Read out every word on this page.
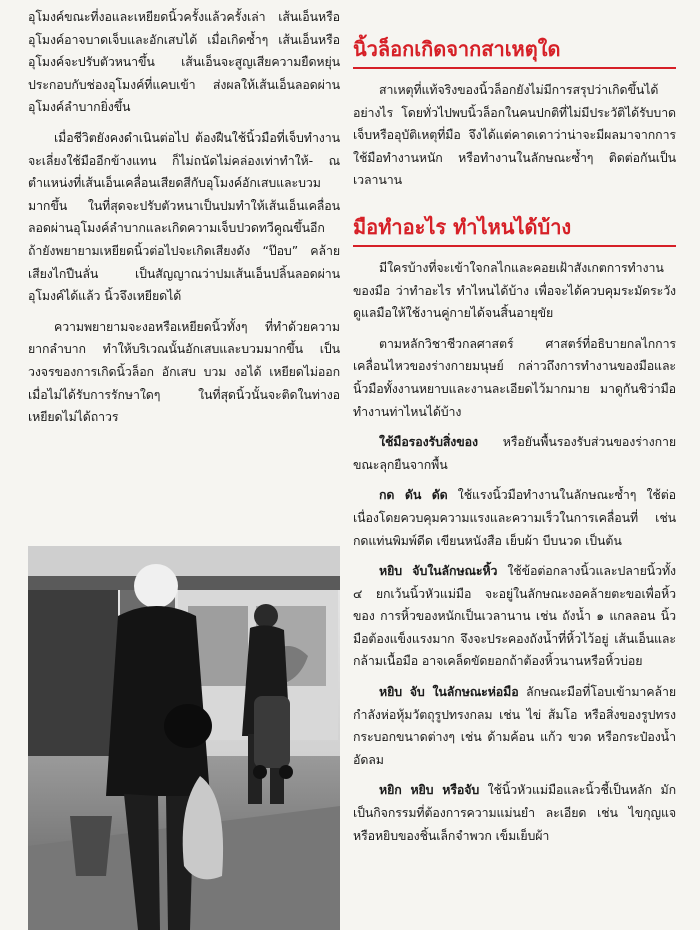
อุโมงค์ขณะที่งอและเหยียดนิ้วครั้งแล้วครั้งเล่า เส้นเอ็นหรืออุโมงค์อาจบาดเจ็บและอักเสบได้ เมื่อเกิดซ้ำๆ เส้นเอ็นหรืออุโมงค์จะปรับตัวหนาขึ้น เส้นเอ็นจะสูญเสียความยืดหยุ่น ประกอบกับช่องอุโมงค์ที่แคบเข้า ส่งผลให้เส้นเอ็นลอดผ่านอุโมงค์ลำบากยิ่งขึ้น

เมื่อชีวิตยังคงดำเนินต่อไป ต้องฝืนใช้นิ้วมือที่เจ็บทำงาน จะเลี่ยงใช้มืออีกข้างแทน ก็ไม่ถนัดไม่คล่องเท่าทำให้- ณ ตำแหน่งที่เส้นเอ็นเคลื่อนเสียดสีกับอุโมงค์อักเสบและบวมมากขึ้น ในที่สุดจะปรับตัวหนาเป็นปมทำให้เส้นเอ็นเคลื่อนลอดผ่านอุโมงค์ลำบากและเกิดความเจ็บปวดทวีคูณขึ้นอีก ถ้ายังพยายามเหยียดนิ้วต่อไปจะเกิดเสียงดัง “ป๊อบ” คล้ายเสียงไกปืนลั่น เป็นสัญญาณว่าปมเส้นเอ็นปลิ้นลอดผ่านอุโมงค์ได้แล้ว นิ้วจึงเหยียดได้

ความพยายามจะงอหรือเหยียดนิ้วทั้งๆ ที่ทำด้วยความยากลำบาก ทำให้บริเวณนั้นอักเสบและบวมมากขึ้น เป็นวงจรของการเกิดนิ้วล็อก อักเสบ บวม งอได้ เหยียดไม่ออกเมื่อไม่ได้รับการรักษาใดๆ ในที่สุดนิ้วนั้นจะติดในท่างอเหยียดไม่ได้ถาวร

นิ้วล็อกเกิดจากสาเหตุใด

สาเหตุที่แท้จริงของนิ้วล็อกยังไม่มีการสรุปว่าเกิดขึ้นได้อย่างไร โดยทั่วไปพบนิ้วล็อกในคนปกติที่ไม่มีประวัติได้รับบาดเจ็บหรืออุบัติเหตุที่มือ จึงได้แต่คาดเดาว่าน่าจะมีผลมาจากการใช้มือทำงานหนัก หรือทำงานในลักษณะซ้ำๆ ติดต่อกันเป็นเวลานาน

มือทำอะไร ทำไหนได้บ้าง

มีใครบ้างที่จะเข้าใจกลไกและคอยเฝ้าสังเกตการทำงานของมือ ว่าทำอะไร ทำไหนได้บ้าง เพื่อจะได้ควบคุมระมัดระวังดูแลมือให้ใช้งานคู่กายได้จนสิ้นอายุขัย

ตามหลักวิชาชีวกลศาสตร์ ศาสตร์ที่อธิบายกลไกการเคลื่อนไหวของร่างกายมนุษย์ กล่าวถึงการทำงานของมือและนิ้วมือทั้งงานหยาบและงานละเอียดไว้มากมาย มาดูกันชิว่ามือทำงานท่าไหนได้บ้าง

ใช้มือรองรับสิ่งของ หรือยันพื้นรองรับส่วนของร่างกายขณะลุกยืนจากพื้น

กด ดัน ดัด ใช้แรงนิ้วมือทำงานในลักษณะซ้ำๆ ใช้ต่อเนื่องโดยควบคุมความแรงและความเร็วในการเคลื่อนที่ เช่น กดแท่นพิมพ์ดีด เขียนหนังสือ เย็บผ้า บีบนวด เป็นต้น

หยิบ จับในลักษณะหิ้ว ใช้ข้อต่อกลางนิ้วและปลายนิ้วทั้ง ๔ ยกเว้นนิ้วหัวแม่มือ จะอยู่ในลักษณะงอคล้ายตะขอเพื่อหิ้วของ การหิ้วของหนักเป็นเวลานาน เช่น ถังน้ำ ๑ แกลลอน นิ้วมือต้องแข็งแรงมาก จึงจะประคองถังน้ำที่หิ้วไว้อยู่ เส้นเอ็นและกล้ามเนื้อมือ อาจเคล็ดขัดยอกถ้าต้องหิ้วนานหรือหิ้วบ่อย

หยิบ จับ ในลักษณะห่อมือ ลักษณะมือที่โอบเข้ามาคล้ายกำลังห่อหุ้มวัตถุรูปทรงกลม เช่น ไข่ ส้มโอ หรือสิ่งของรูปทรงกระบอกขนาดต่างๆ เช่น ด้ามค้อน แก้ว ขวด หรือกระป๋องน้ำอัดลม

หยิก หยิบ หรือจับ ใช้นิ้วหัวแม่มือและนิ้วชี้เป็นหลัก มักเป็นกิจกรรมที่ต้องการความแม่นยำ ละเอียด เช่น ไขกุญแจ หรือหยิบของชิ้นเล็กจำพวก เข็มเย็บผ้า
